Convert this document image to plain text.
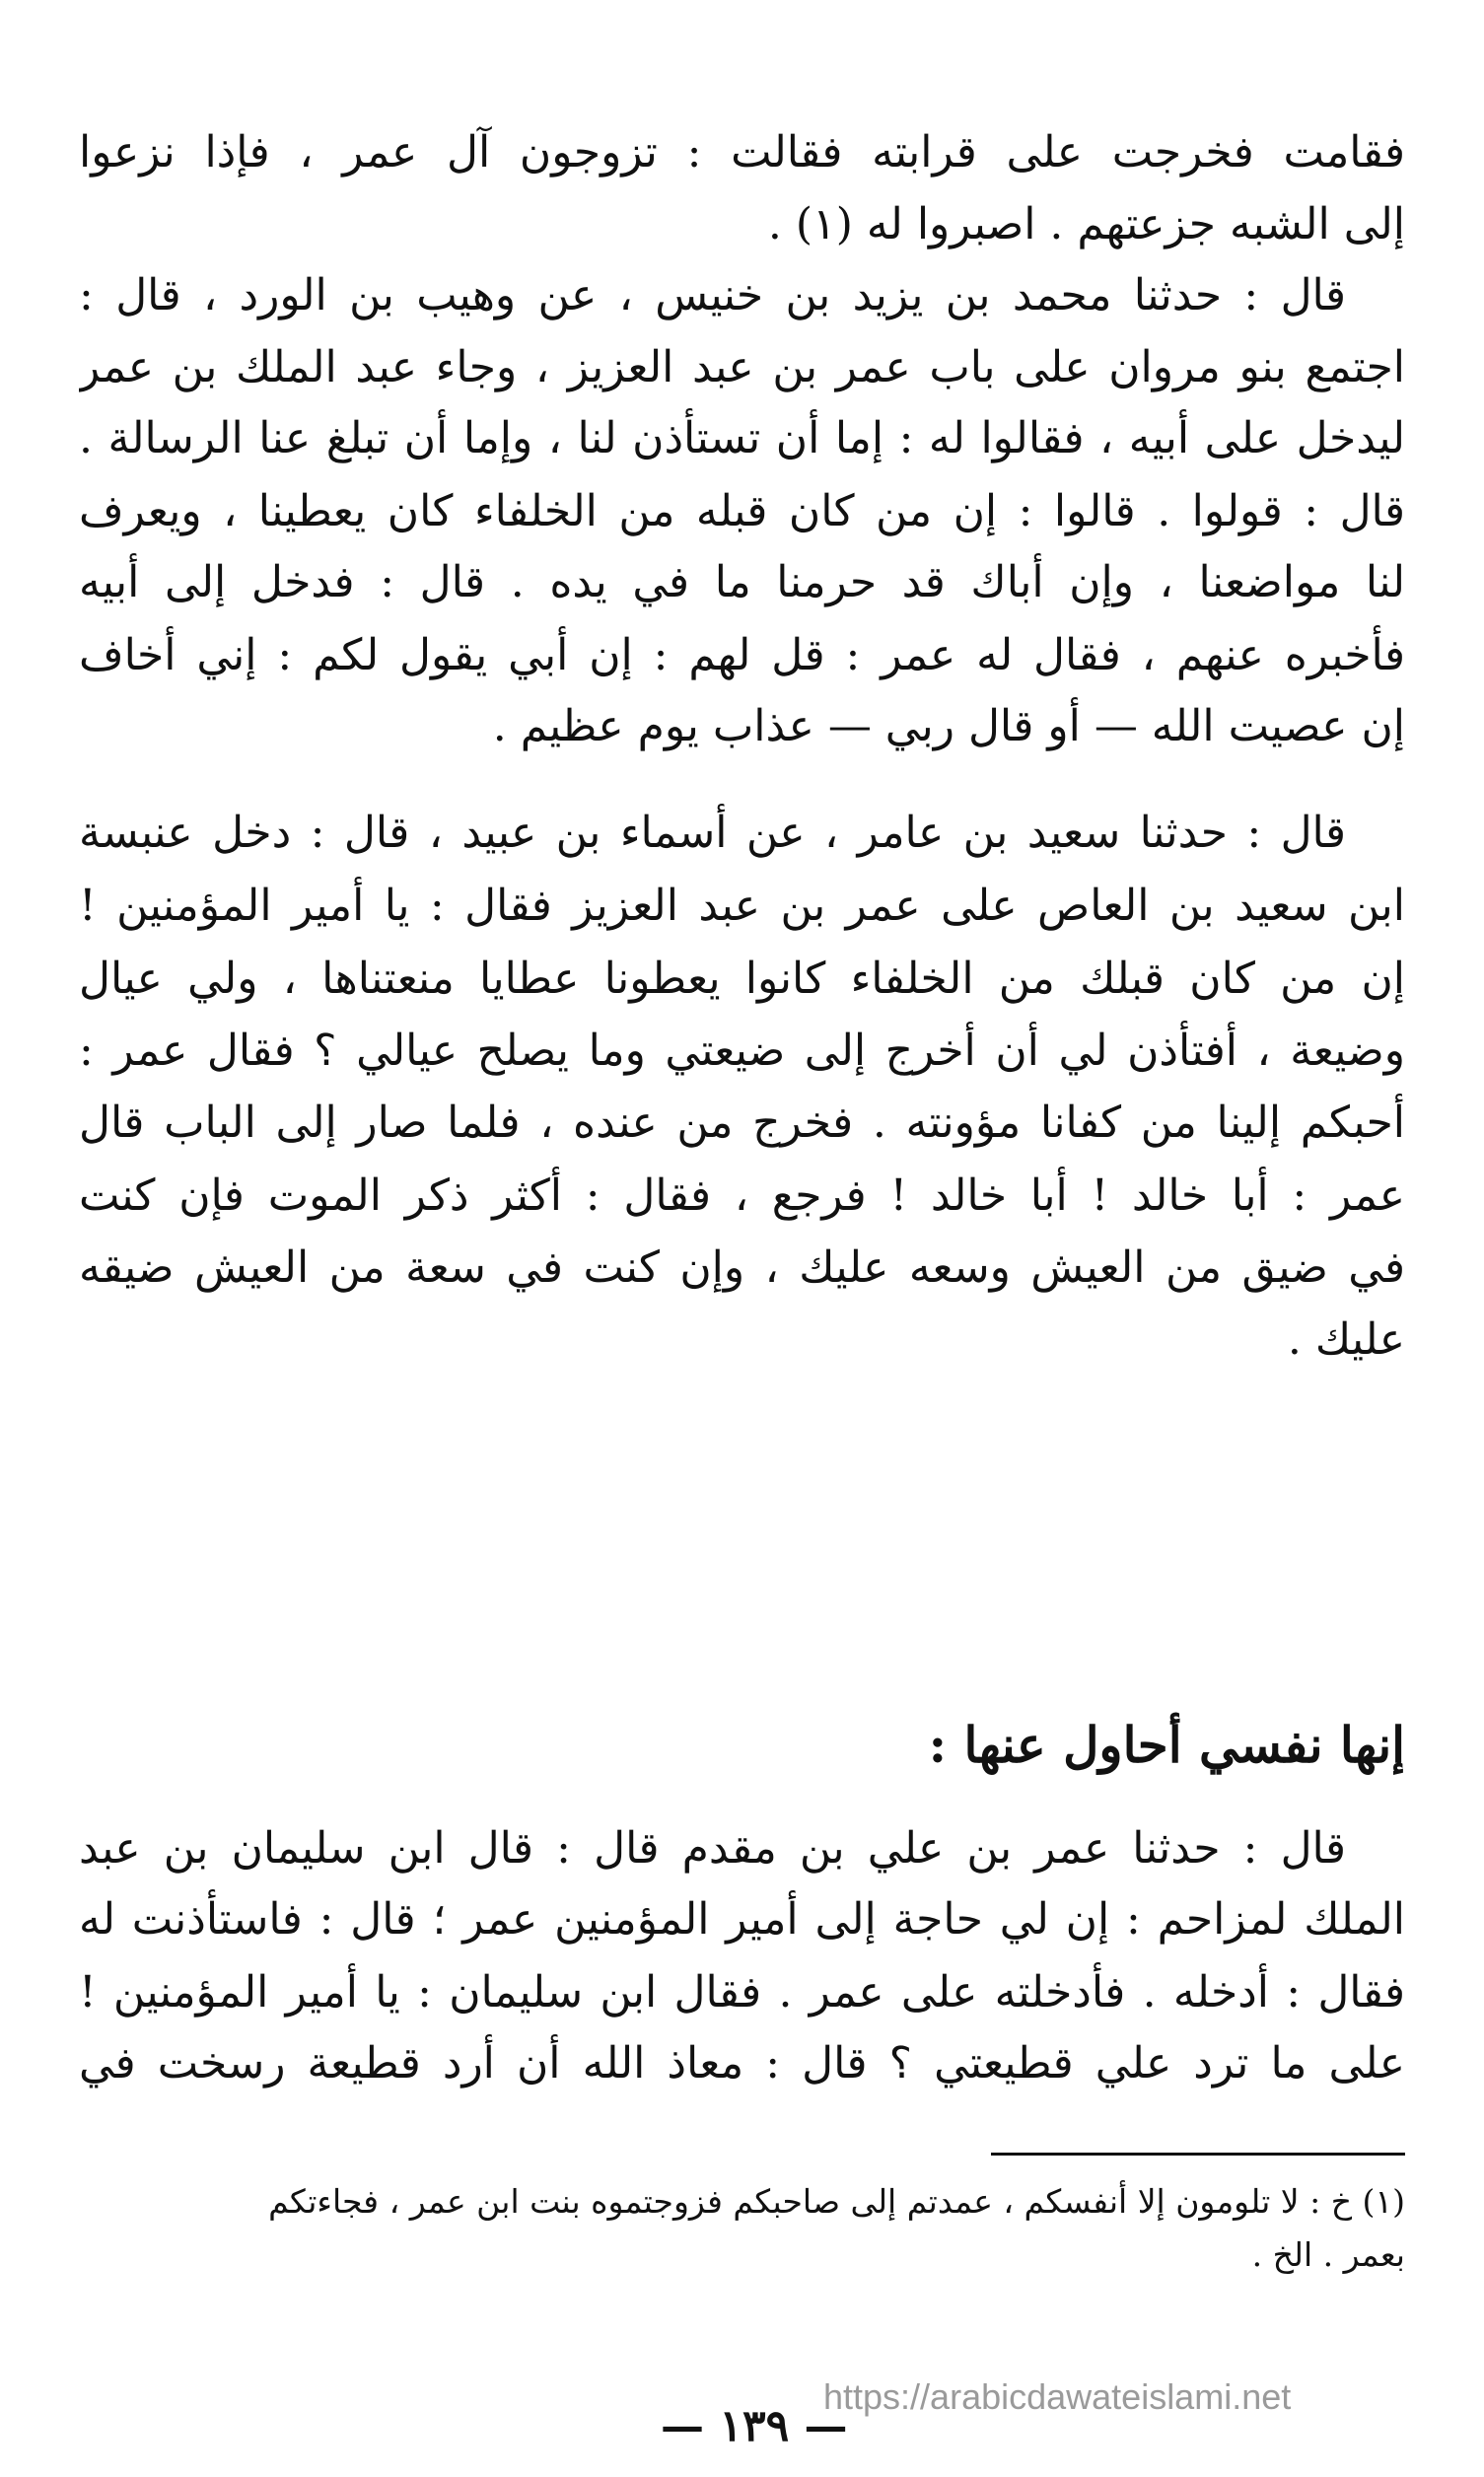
فقامت فخرجت على قرابته فقالت : تزوجون آل عمر ، فإذا نزعوا
إلى الشبه جزعتهم . اصبروا له (١) .
قال : حدثنا محمد بن يزيد بن خنيس ، عن وهيب بن الورد ، قال :
اجتمع بنو مروان على باب عمر بن عبد العزيز ، وجاء عبد الملك بن عمر
ليدخل على أبيه ، فقالوا له : إما أن تستأذن لنا ، وإما أن تبلغ عنا الرسالة .
قال : قولوا . قالوا : إن من كان قبله من الخلفاء كان يعطينا ، ويعرف
لنا مواضعنا ، وإن أباك قد حرمنا ما في يده . قال : فدخل إلى أبيه
فأخبره عنهم ، فقال له عمر : قل لهم : إن أبي يقول لكم : إني أخاف
إن عصيت الله — أو قال ربي — عذاب يوم عظيم .
قال : حدثنا سعيد بن عامر ، عن أسماء بن عبيد ، قال : دخل عنبسة
ابن سعيد بن العاص على عمر بن عبد العزيز فقال : يا أمير المؤمنين !
إن من كان قبلك من الخلفاء كانوا يعطونا عطايا منعتناها ، ولي عيال
وضيعة ، أفتأذن لي أن أخرج إلى ضيعتي وما يصلح عيالي ؟ فقال عمر :
أحبكم إلينا من كفانا مؤونته . فخرج من عنده ، فلما صار إلى الباب قال
عمر : أبا خالد ! أبا خالد ! فرجع ، فقال : أكثر ذكر الموت فإن كنت
في ضيق من العيش وسعه عليك ، وإن كنت في سعة من العيش ضيقه
عليك .
إنها نفسي أحاول عنها :
قال : حدثنا عمر بن علي بن مقدم قال : قال ابن سليمان بن عبد
الملك لمزاحم : إن لي حاجة إلى أمير المؤمنين عمر ؛ قال : فاستأذنت له
فقال : أدخله . فأدخلته على عمر . فقال ابن سليمان : يا أمير المؤمنين !
على ما ترد علي قطيعتي ؟ قال : معاذ الله أن أرد قطيعة رسخت في
(١) خ : لا تلومون إلا أنفسكم ، عمدتم إلى صاحبكم فزوجتموه بنت ابن عمر ، فجاءتكم
بعمر . الخ .
https://arabicdawateislami.net
— ١٣٩ —
